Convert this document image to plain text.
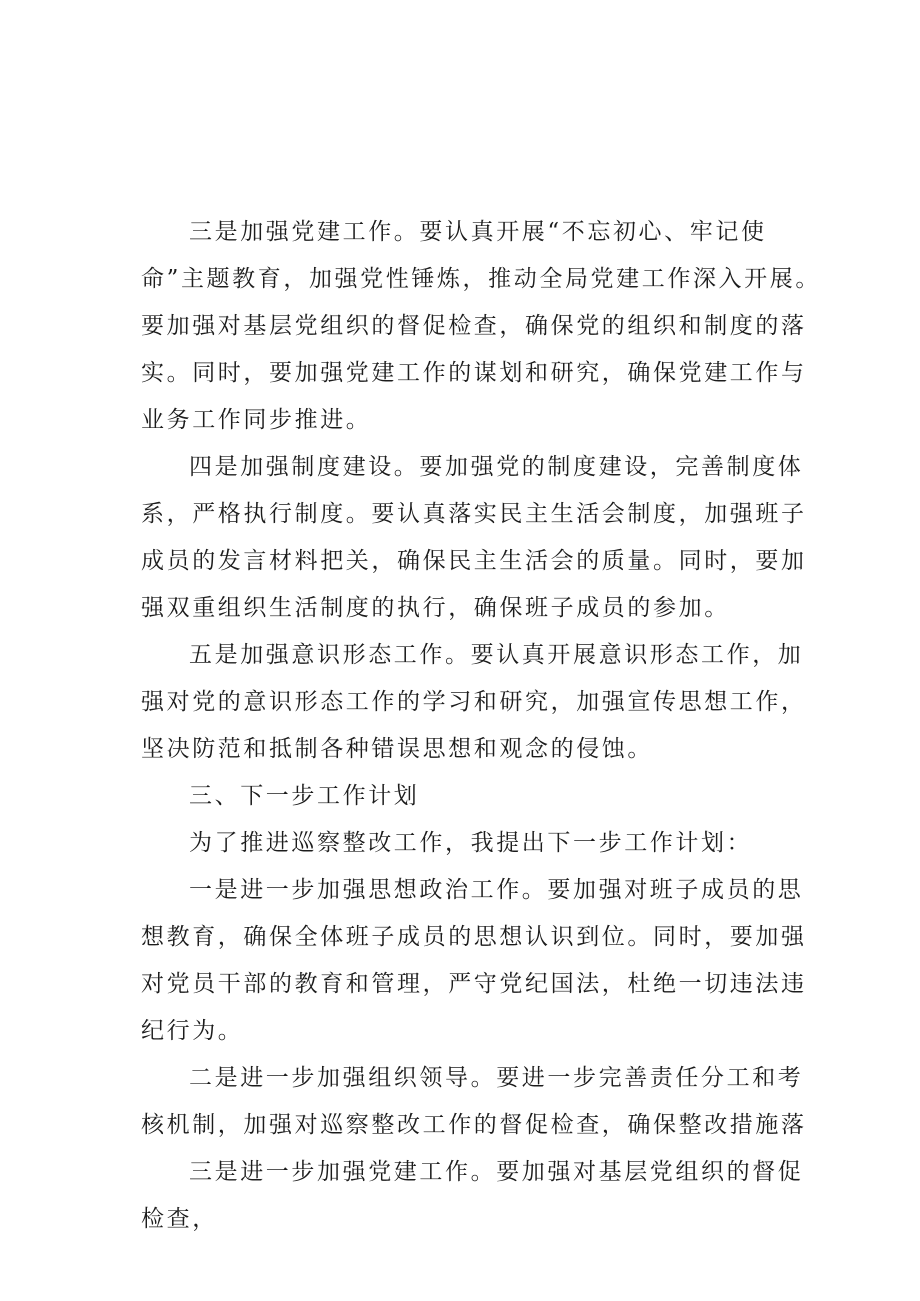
三是加强党建工作。要认真开展“不忘初心、牢记使命”主题教育，加强党性锤炼，推动全局党建工作深入开展。要加强对基层党组织的督促检查，确保党的组织和制度的落实。同时，要加强党建工作的谋划和研究，确保党建工作与业务工作同步推进。

四是加强制度建设。要加强党的制度建设，完善制度体系，严格执行制度。要认真落实民主生活会制度，加强班子成员的发言材料把关，确保民主生活会的质量。同时，要加强双重组织生活制度的执行，确保班子成员的参加。

五是加强意识形态工作。要认真开展意识形态工作，加强对党的意识形态工作的学习和研究，加强宣传思想工作，坚决防范和抵制各种错误思想和观念的侵蚀。

三、下一步工作计划

为了推进巡察整改工作，我提出下一步工作计划：

一是进一步加强思想政治工作。要加强对班子成员的思想教育，确保全体班子成员的思想认识到位。同时，要加强对党员干部的教育和管理，严守党纪国法，杜绝一切违法违纪行为。

二是进一步加强组织领导。要进一步完善责任分工和考核机制，加强对巡察整改工作的督促检查，确保整改措施落

三是进一步加强党建工作。要加强对基层党组织的督促检查，
